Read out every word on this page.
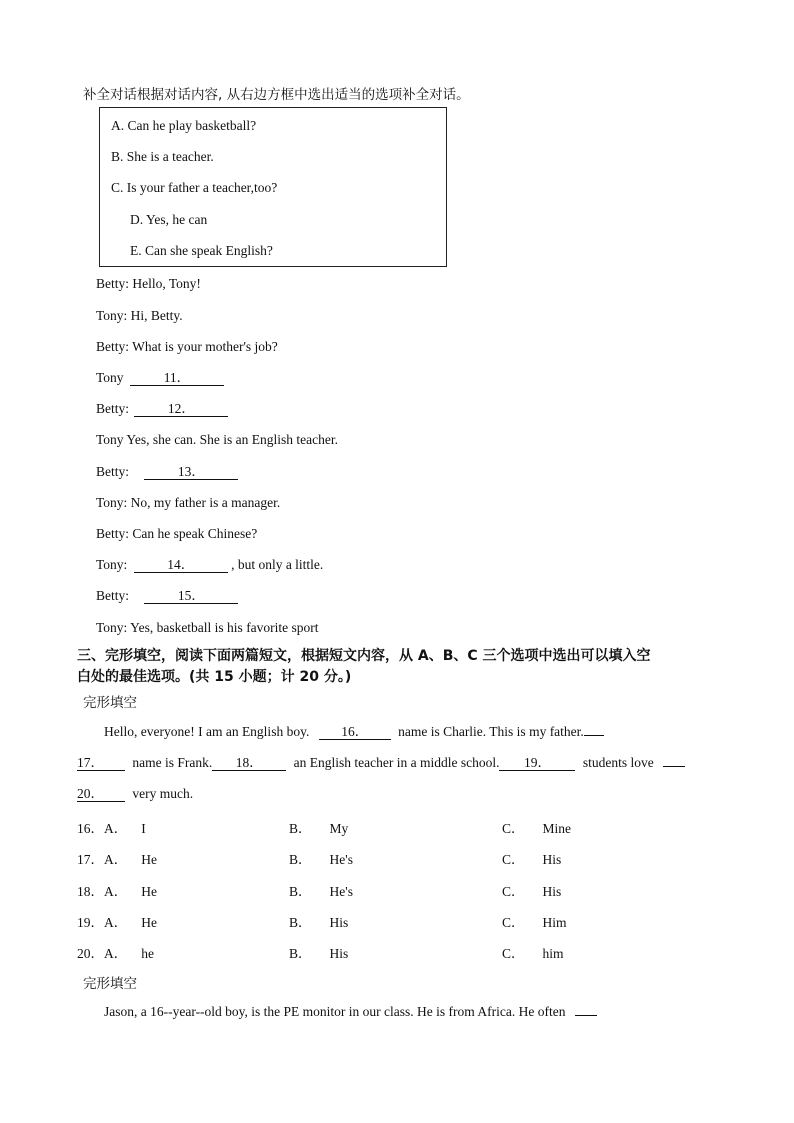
补全对话根据对话内容, 从右边方框中选出适当的选项补全对话。
A. Can he play basketball?
B. She is a teacher.
C. Is your father a teacher,too?
D. Yes, he can
E. Can she speak English?
Betty: Hello, Tony!
Tony: Hi, Betty.
Betty: What is your mother's job?
Tony	11．
Betty:	12．
Tony Yes, she can. She is an English teacher.
Betty:	13．
Tony: No, my father is a manager.
Betty: Can he speak Chinese?
Tony:	14．	, but only a little.
Betty:	15．
Tony: Yes, basketball is his favorite sport
三、完形填空，阅读下面两篇短文，根据短文内容，从 A、B、C 三个选项中选出可以填入空
白处的最佳选项。(共 15 小题；计 20 分。)
完形填空
Hello, everyone! I am an English boy. 16． name is Charlie. This is my father.
17． name is Frank. 18． an English teacher in a middle school. 19． students love
20． very much.
16．A． I	B． My	C． Mine
17．A． He	B． He's	C． His
18．A． He	B． He's	C． His
19．A． He	B． His	C． Him
20．A． he	B． His	C． him
完形填空
Jason, a 16--year--old boy, is the PE monitor in our class. He is from Africa. He often
